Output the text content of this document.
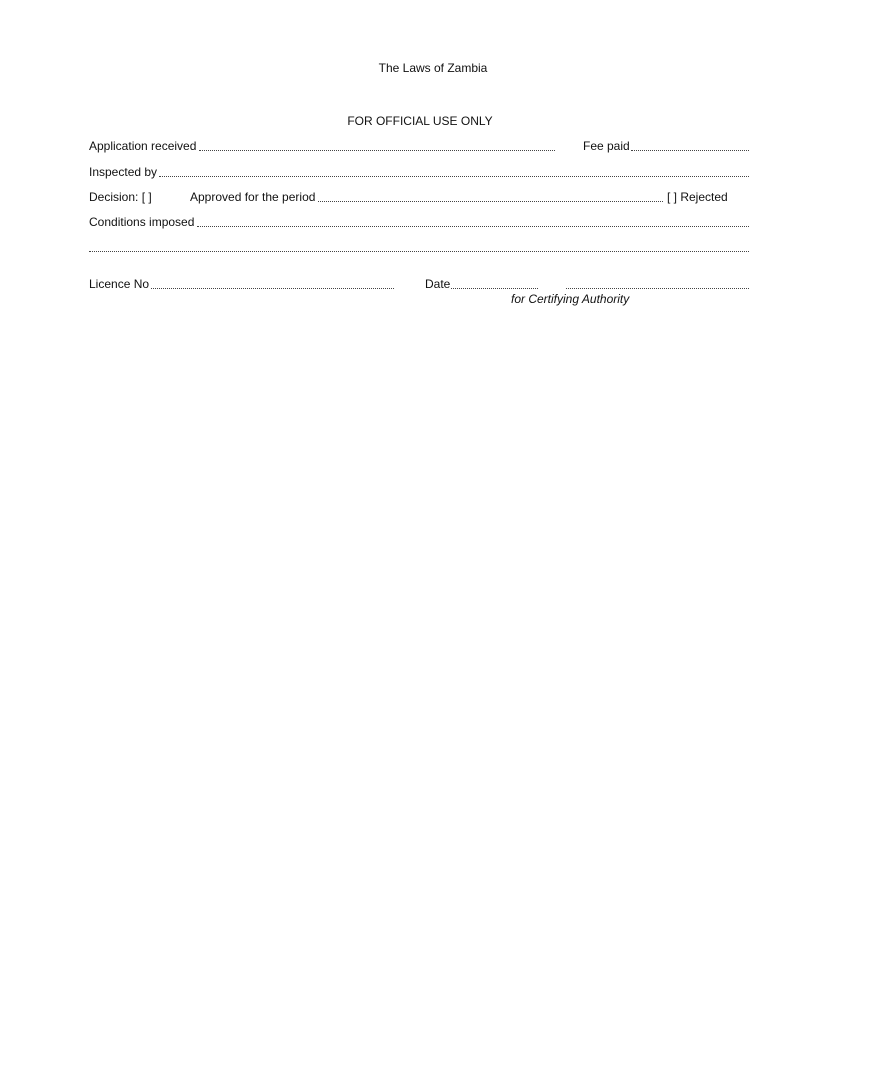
The Laws of Zambia
FOR OFFICIAL USE ONLY
Application received	Fee paid
Inspected by
Decision: [ ]	Approved for the period	[ ] Rejected
Conditions imposed
Licence No	Date
for Certifying Authority
